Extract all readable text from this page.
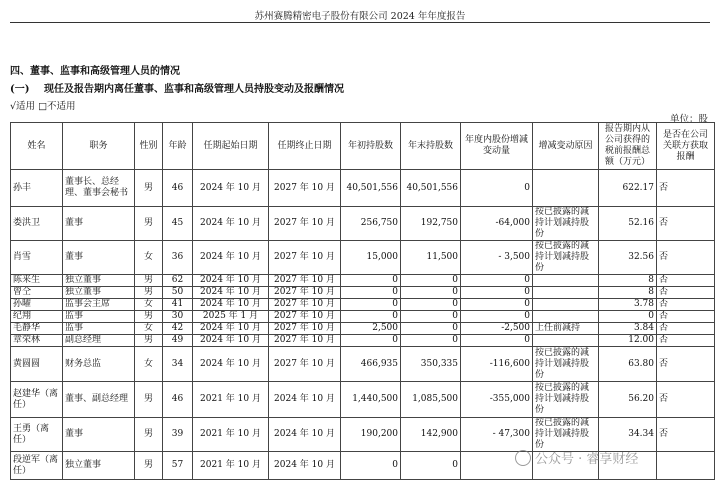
苏州赛腾精密电子股份有限公司 2024 年年度报告
四、董事、监事和高级管理人员的情况
(一) 现任及报告期内离任董事、监事和高级管理人员持股变动及报酬情况
√适用 □不适用
单位：股
姓名	职务	性别	年龄	任期起始日期	任期终止日期	年初持股数	年末持股数	年度内股份增减变动量	增减变动原因	报告期内从公司获得的税前报酬总额（万元）	是否在公司关联方获取报酬
孙丰	董事长、总经理、董事会秘书	男	46	2024 年 10 月	2027 年 10 月	40,501,556	40,501,556	0		622.17	否
娄洪卫	董事	男	45	2024 年 10 月	2027 年 10 月	256,750	192,750	-64,000	按已披露的减持计划减持股份	52.16	否
肖雪	董事	女	36	2024 年 10 月	2027 年 10 月	15,000	11,500	- 3,500	按已披露的减持计划减持股份	32.56	否
陈来生	独立董事	男	62	2024 年 10 月	2027 年 10 月	0	0	0		8	否
曾仝	独立董事	男	50	2024 年 10 月	2027 年 10 月	0	0	0		8	否
孙曜	监事会主席	女	41	2024 年 10 月	2027 年 10 月	0	0	0		3.78	否
纪翔	监事	男	30	2025 年 1 月	2027 年 10 月	0	0	0		0	否
毛静华	监事	女	42	2024 年 10 月	2027 年 10 月	2,500	0	-2,500	上任前减持	3.84	否
章荣林	副总经理	男	49	2024 年 10 月	2027 年 10 月	0	0	0		12.00	否
黄圆圆	财务总监	女	34	2024 年 10 月	2027 年 10 月	466,935	350,335	-116,600	按已披露的减持计划减持股份	63.80	否
赵建华（离任）	董事、副总经理	男	46	2021 年 10 月	2024 年 10 月	1,440,500	1,085,500	-355,000	按已披露的减持计划减持股份	56.20	否
王勇（离任）	董事	男	39	2021 年 10 月	2024 年 10 月	190,200	142,900	- 47,300	按已披露的减持计划减持股份	34.34	否
段逆军（离任）	独立董事	男	57	2021 年 10 月	2024 年 10 月	0	0					公众号 · 睿享财经
